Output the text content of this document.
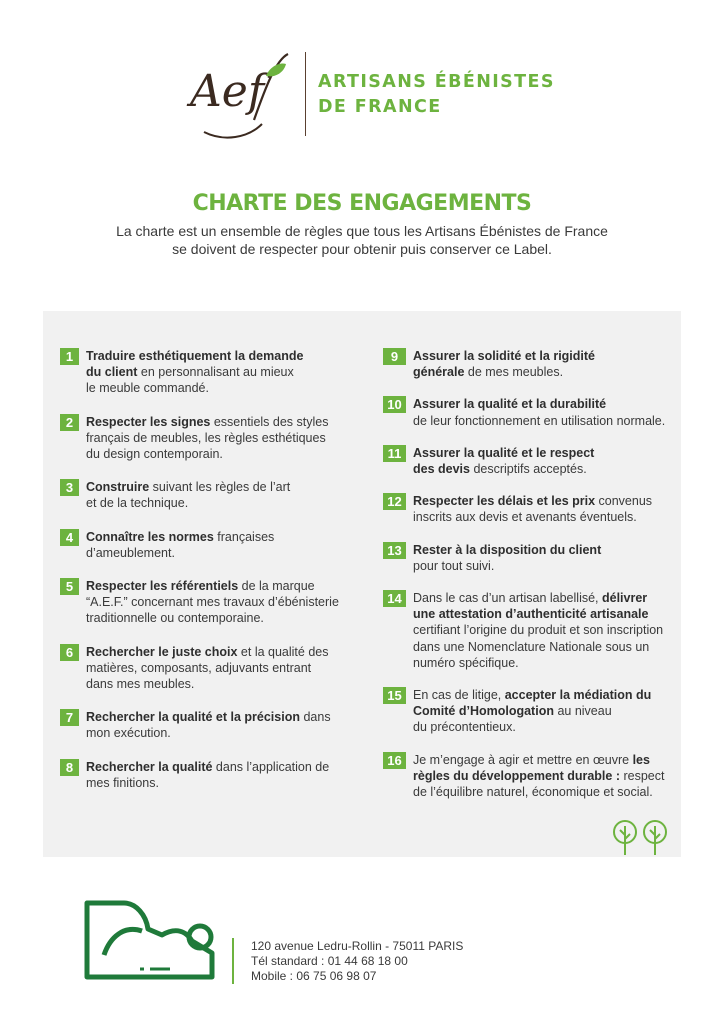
Aef	ARTISANS ÉBÉNISTES
DE FRANCE
CHARTE DES ENGAGEMENTS
La charte est un ensemble de règles que tous les Artisans Ébénistes de France
se doivent de respecter pour obtenir puis conserver ce Label.
1	Traduire esthétiquement la demande
du client en personnalisant au mieux
le meuble commandé.
2	Respecter les signes essentiels des styles
français de meubles, les règles esthétiques
du design contemporain.
3	Construire suivant les règles de l’art
et de la technique.
4	Connaître les normes françaises
d’ameublement.
5	Respecter les référentiels de la marque
“A.E.F.” concernant mes travaux d’ébénisterie
traditionnelle ou contemporaine.
6	Rechercher le juste choix et la qualité des
matières, composants, adjuvants entrant
dans mes meubles.
7	Rechercher la qualité et la précision dans
mon exécution.
8	Rechercher la qualité dans l’application de
mes finitions.
9	Assurer la solidité et la rigidité
générale de mes meubles.
10 Assurer la qualité et la durabilité
de leur fonctionnement en utilisation normale.
11 Assurer la qualité et le respect
des devis descriptifs acceptés.
12 Respecter les délais et les prix convenus
inscrits aux devis et avenants éventuels.
13 Rester à la disposition du client
pour tout suivi.
14 Dans le cas d’un artisan labellisé, délivrer
une attestation d’authenticité artisanale
certifiant l’origine du produit et son inscription
dans une Nomenclature Nationale sous un
numéro spécifique.
15 En cas de litige, accepter la médiation du
Comité d’Homologation au niveau
du précontentieux.
16 Je m’engage à agir et mettre en œuvre les
règles du développement durable : respect
de l’équilibre naturel, économique et social.
120 avenue Ledru-Rollin - 75011 PARIS
Tél standard : 01 44 68 18 00
Mobile : 06 75 06 98 07
